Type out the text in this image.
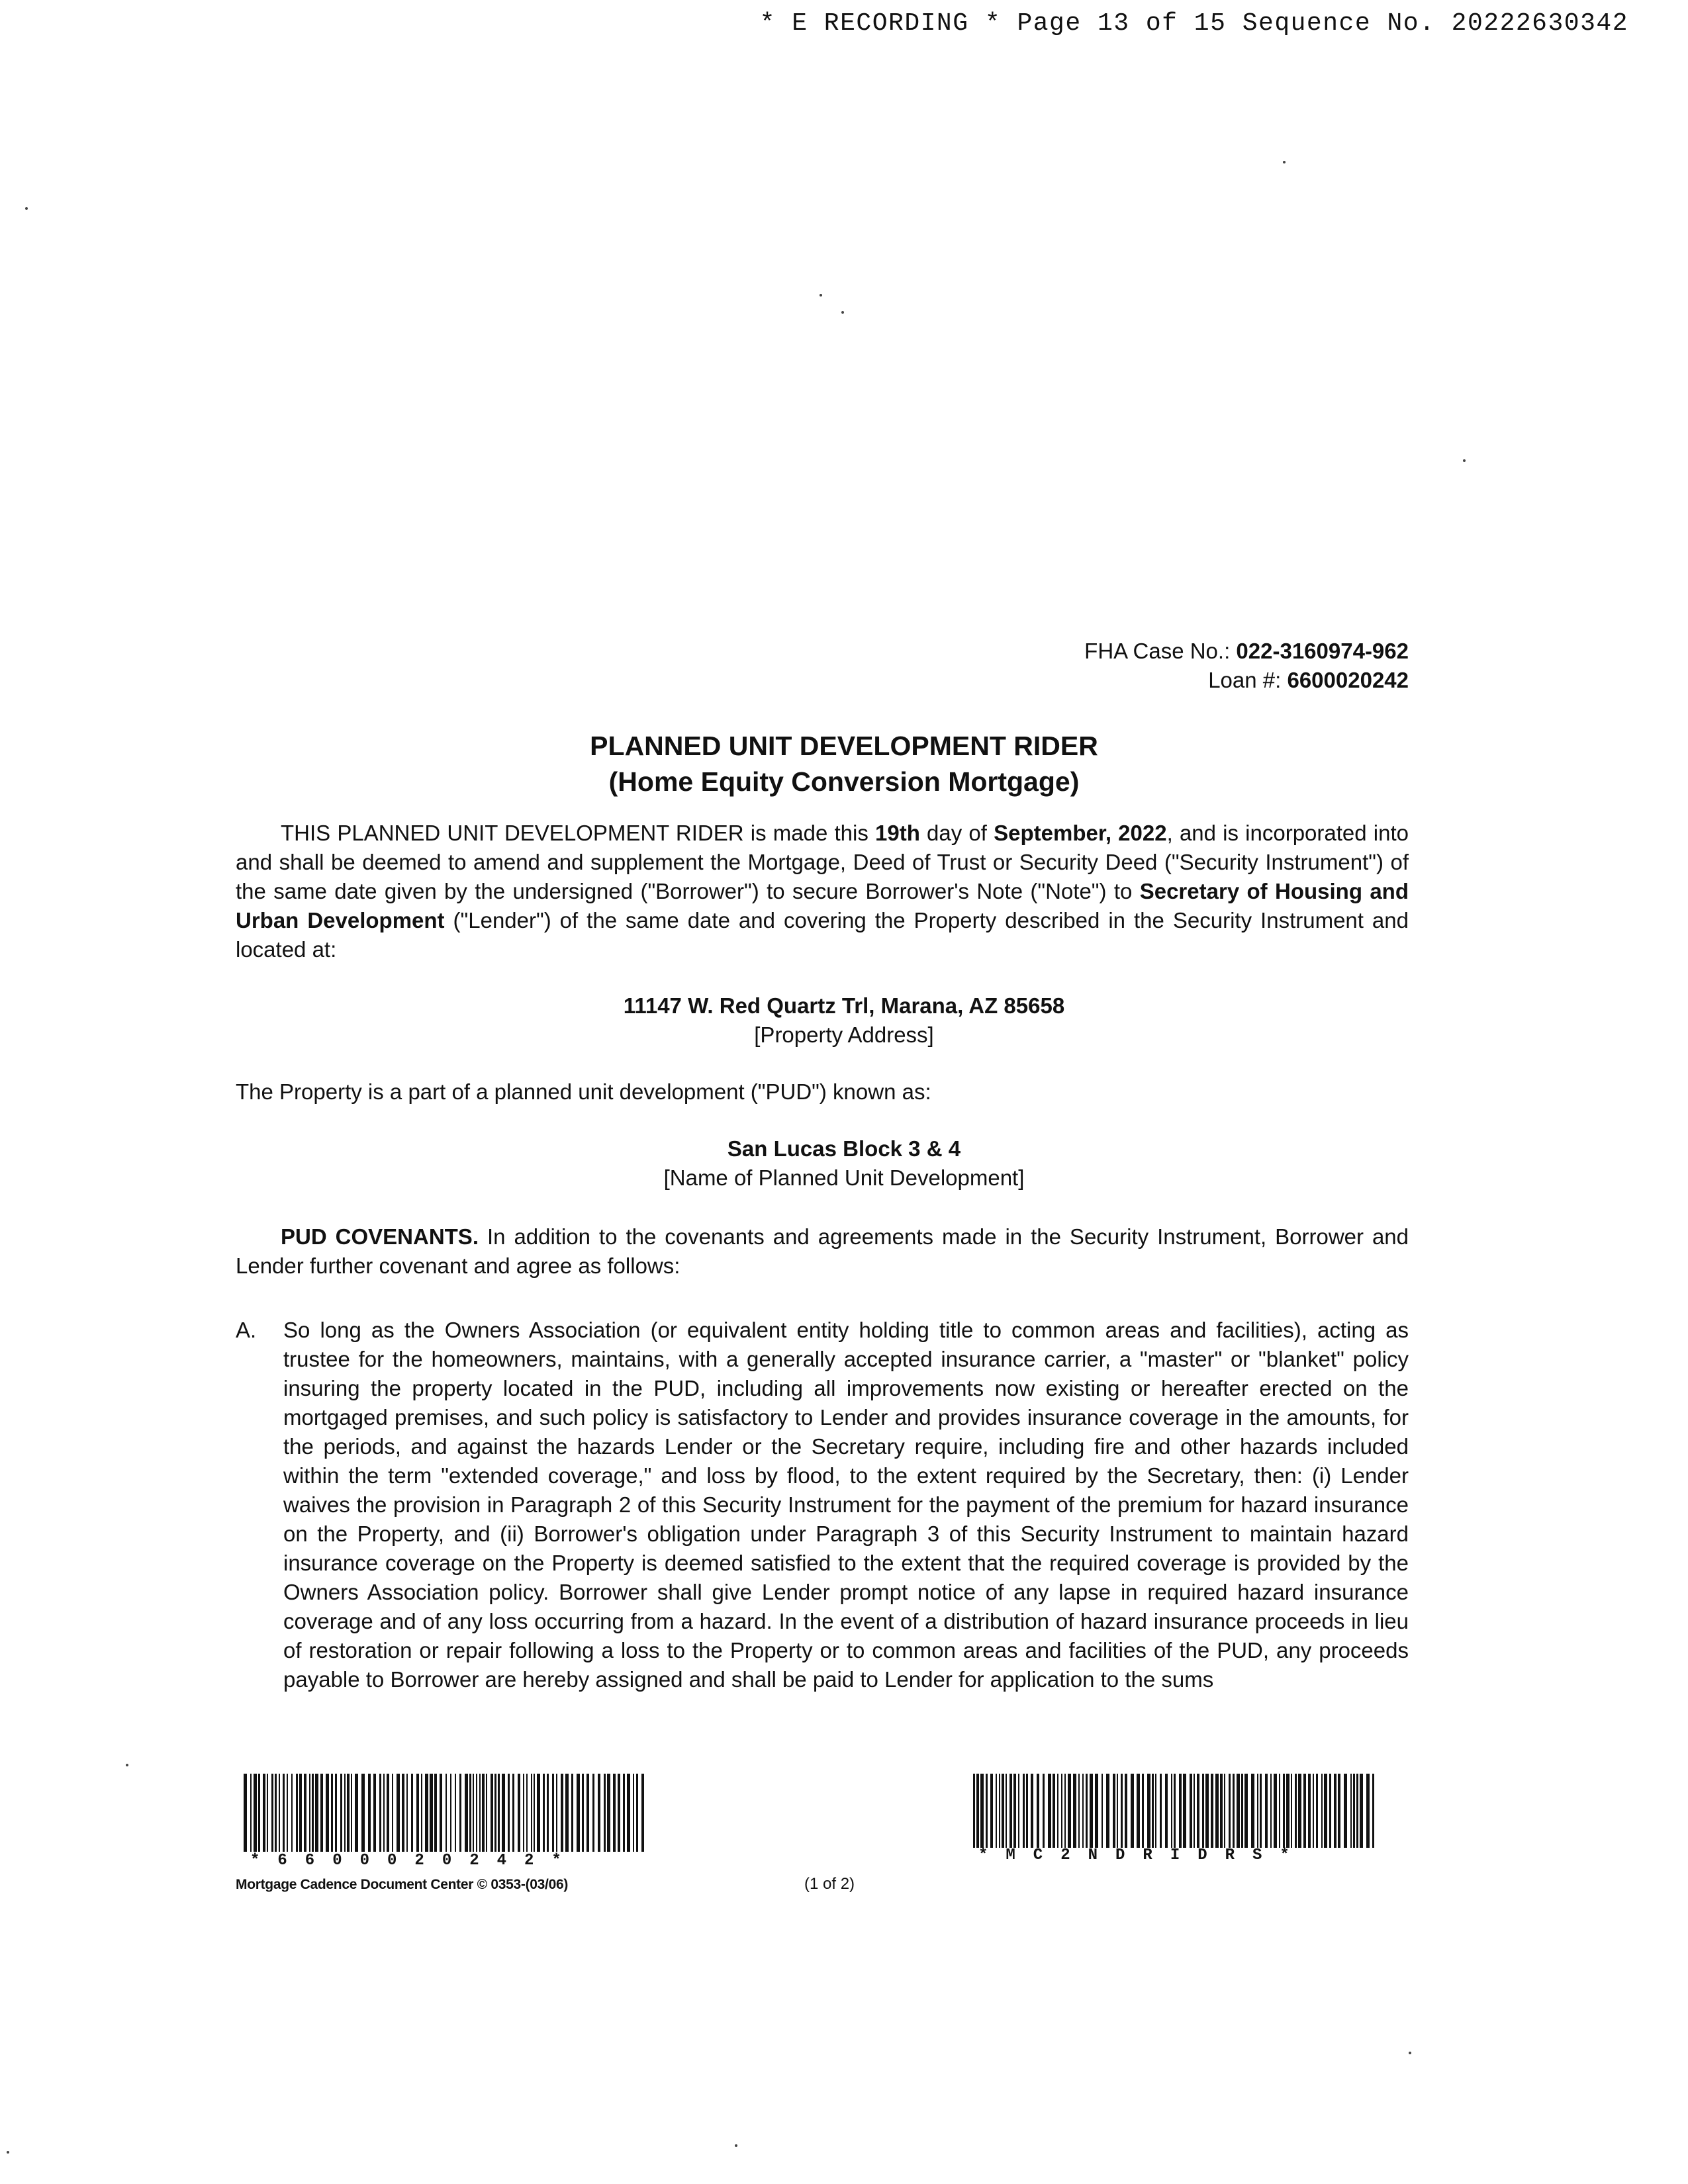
* E RECORDING * Page 13 of 15 Sequence No. 20222630342
FHA Case No.: 022-3160974-962
Loan #: 6600020242
PLANNED UNIT DEVELOPMENT RIDER
(Home Equity Conversion Mortgage)
THIS PLANNED UNIT DEVELOPMENT RIDER is made this 19th day of September, 2022, and is incorporated into and shall be deemed to amend and supplement the Mortgage, Deed of Trust or Security Deed ("Security Instrument") of the same date given by the undersigned ("Borrower") to secure Borrower's Note ("Note") to Secretary of Housing and Urban Development ("Lender") of the same date and covering the Property described in the Security Instrument and located at:
11147 W. Red Quartz Trl, Marana, AZ 85658
[Property Address]
The Property is a part of a planned unit development ("PUD") known as:
San Lucas Block 3 & 4
[Name of Planned Unit Development]
PUD COVENANTS. In addition to the covenants and agreements made in the Security Instrument, Borrower and Lender further covenant and agree as follows:
A. So long as the Owners Association (or equivalent entity holding title to common areas and facilities), acting as trustee for the homeowners, maintains, with a generally accepted insurance carrier, a "master" or "blanket" policy insuring the property located in the PUD, including all improvements now existing or hereafter erected on the mortgaged premises, and such policy is satisfactory to Lender and provides insurance coverage in the amounts, for the periods, and against the hazards Lender or the Secretary require, including fire and other hazards included within the term "extended coverage," and loss by flood, to the extent required by the Secretary, then: (i) Lender waives the provision in Paragraph 2 of this Security Instrument for the payment of the premium for hazard insurance on the Property, and (ii) Borrower's obligation under Paragraph 3 of this Security Instrument to maintain hazard insurance coverage on the Property is deemed satisfied to the extent that the required coverage is provided by the Owners Association policy. Borrower shall give Lender prompt notice of any lapse in required hazard insurance coverage and of any loss occurring from a hazard. In the event of a distribution of hazard insurance proceeds in lieu of restoration or repair following a loss to the Property or to common areas and facilities of the PUD, any proceeds payable to Borrower are hereby assigned and shall be paid to Lender for application to the sums
*6600020242*	*MC2NDRIDRS*
Mortgage Cadence Document Center © 0353-(03/06)	(1 of 2)
